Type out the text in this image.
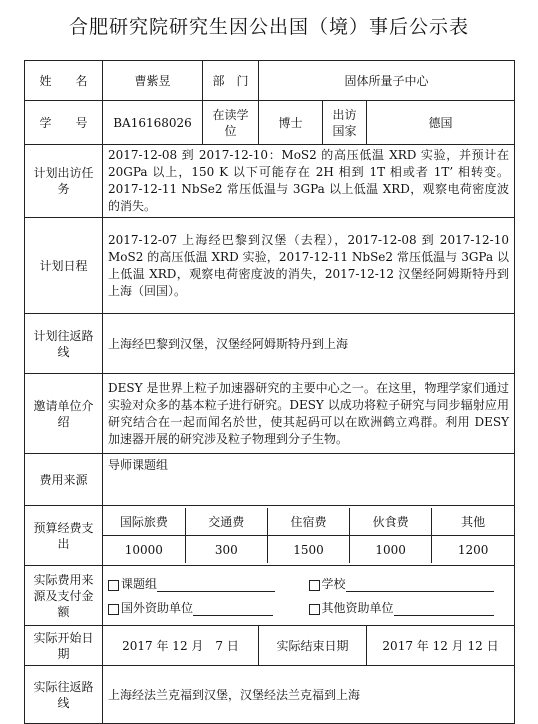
合肥研究院研究生因公出国（境）事后公示表
姓　　名	曹紫昱	部　门	固体所量子中心
学　　号	BA16168026	在读学位	博士	出访国家	德国
计划出访任务	2017-12-08 到 2017-12-10：MoS2 的高压低温 XRD 实验，并预计在 20GPa 以上，150 K 以下可能存在 2H 相到 1T 相或者 1T’ 相转变。2017-12-11 NbSe2 常压低温与 3GPa 以上低温 XRD，观察电荷密度波的消失。
计划日程	2017-12-07 上海经巴黎到汉堡（去程），2017-12-08 到 2017-12-10 MoS2 的高压低温 XRD 实验，2017-12-11 NbSe2 常压低温与 3GPa 以上低温 XRD，观察电荷密度波的消失，2017-12-12 汉堡经阿姆斯特丹到上海（回国）。
计划往返路线	上海经巴黎到汉堡，汉堡经阿姆斯特丹到上海
邀请单位介　绍	DESY 是世界上粒子加速器研究的主要中心之一。在这里，物理学家们通过实验对众多的基本粒子进行研究。DESY 以成功将粒子研究与同步辐射应用研究结合在一起而闻名於世，使其起码可以在欧洲鹤立鸡群。利用 DESY 加速器开展的研究涉及粒子物理到分子生物。
费用来源	导师课题组
预算经费支出	
国际旅费	交通费	住宿费	伙食费	其他
10000	300	1500	1000	1200

实际费用来源及支付金额	
课题组	学校
国外资助单位	其他资助单位

实际开始日期	2017 年 12 月　7 日	实际结束日期	2017 年 12 月 12 日
实际往返路线	上海经法兰克福到汉堡，汉堡经法兰克福到上海
